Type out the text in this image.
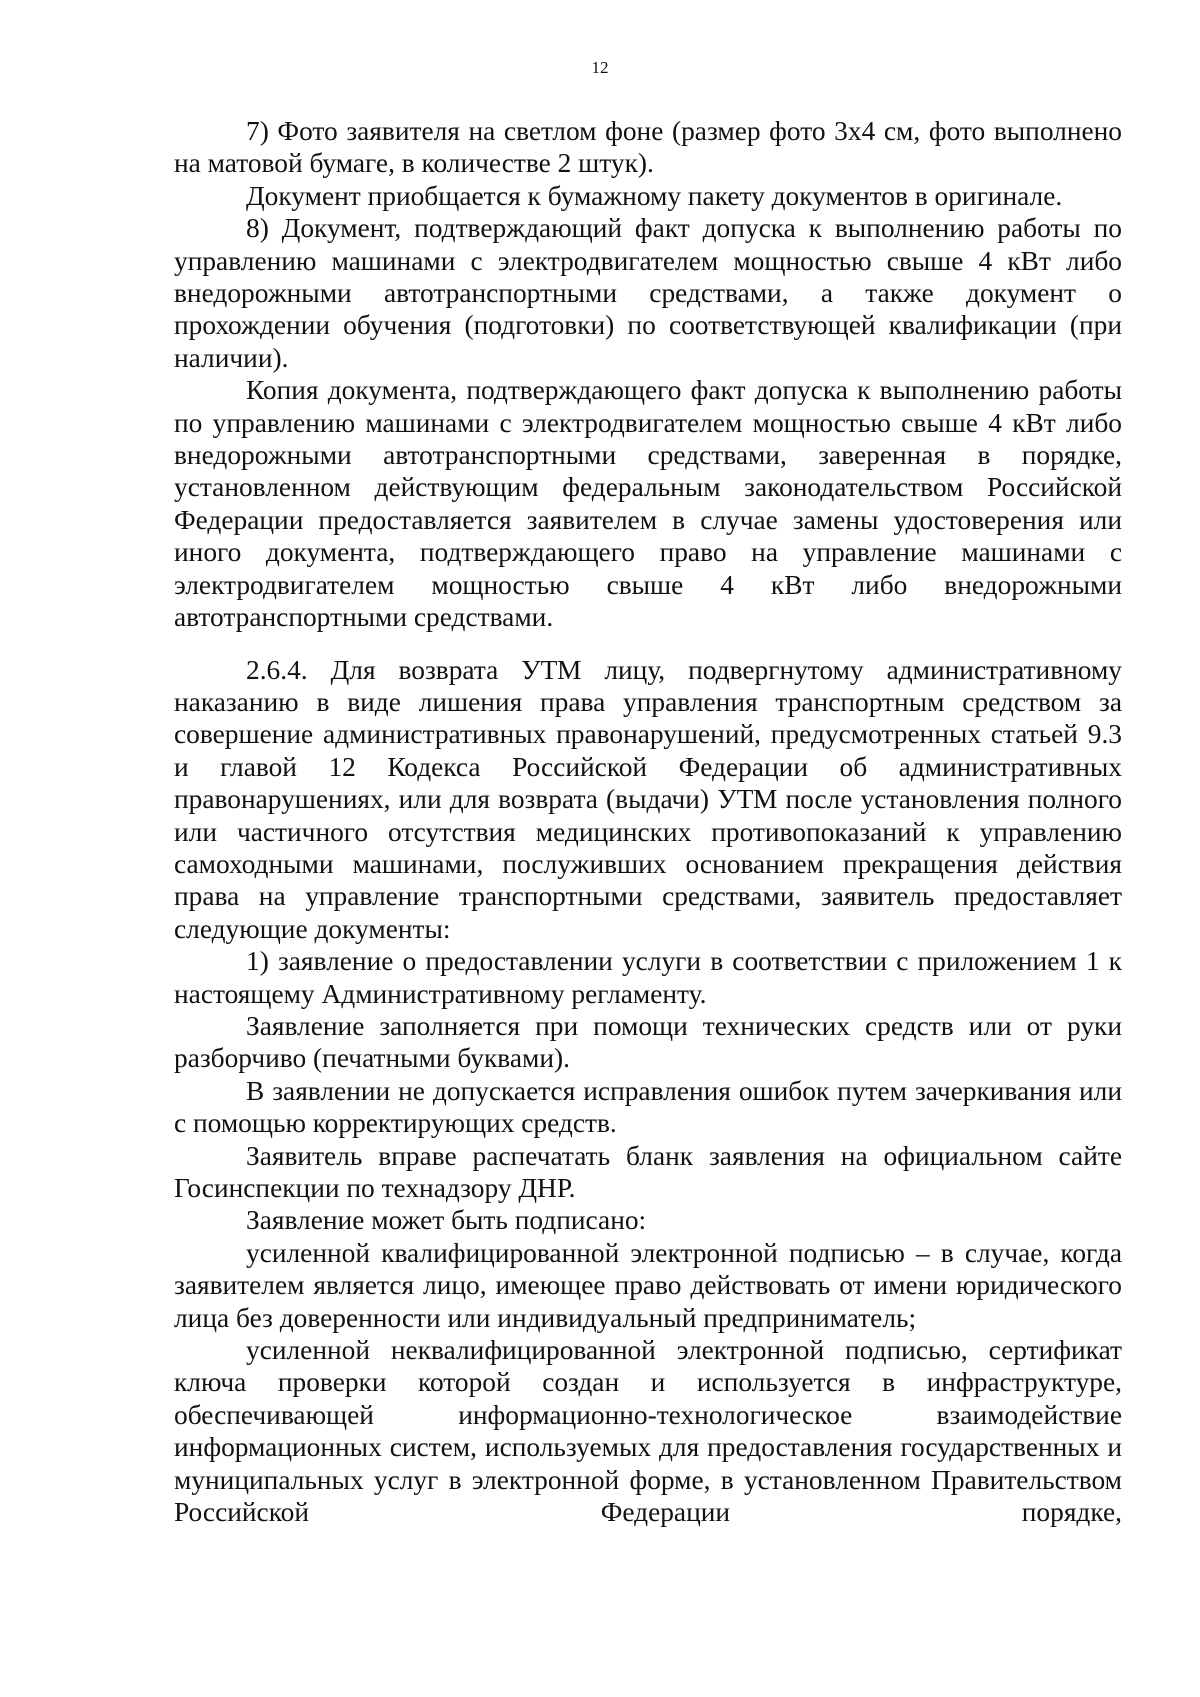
12

7) Фото заявителя на светлом фоне (размер фото 3x4 см, фото выполнено на матовой бумаге, в количестве 2 штук).

Документ приобщается к бумажному пакету документов в оригинале.

8) Документ, подтверждающий факт допуска к выполнению работы по управлению машинами с электродвигателем мощностью свыше 4 кВт либо внедорожными автотранспортными средствами, а также документ о прохождении обучения (подготовки) по соответствующей квалификации (при наличии).

Копия документа, подтверждающего факт допуска к выполнению работы по управлению машинами с электродвигателем мощностью свыше 4 кВт либо внедорожными автотранспортными средствами, заверенная в порядке, установленном действующим федеральным законодательством Российской Федерации предоставляется заявителем в случае замены удостоверения или иного документа, подтверждающего право на управление машинами с электродвигателем мощностью свыше 4 кВт либо внедорожными автотранспортными средствами.

2.6.4. Для возврата УТМ лицу, подвергнутому административному наказанию в виде лишения права управления транспортным средством за совершение административных правонарушений, предусмотренных статьей 9.3 и главой 12 Кодекса Российской Федерации об административных правонарушениях, или для возврата (выдачи) УТМ после установления полного или частичного отсутствия медицинских противопоказаний к управлению самоходными машинами, послуживших основанием прекращения действия права на управление транспортными средствами, заявитель предоставляет следующие документы:

1) заявление о предоставлении услуги в соответствии с приложением 1 к настоящему Административному регламенту.

Заявление заполняется при помощи технических средств или от руки разборчиво (печатными буквами).

В заявлении не допускается исправления ошибок путем зачеркивания или с помощью корректирующих средств.

Заявитель вправе распечатать бланк заявления на официальном сайте Госинспекции по технадзору ДНР.

Заявление может быть подписано:

усиленной квалифицированной электронной подписью – в случае, когда заявителем является лицо, имеющее право действовать от имени юридического лица без доверенности или индивидуальный предприниматель;

усиленной неквалифицированной электронной подписью, сертификат ключа проверки которой создан и используется в инфраструктуре, обеспечивающей информационно-технологическое взаимодействие информационных систем, используемых для предоставления государственных и муниципальных услуг в электронной форме, в установленном Правительством Российской Федерации порядке,
